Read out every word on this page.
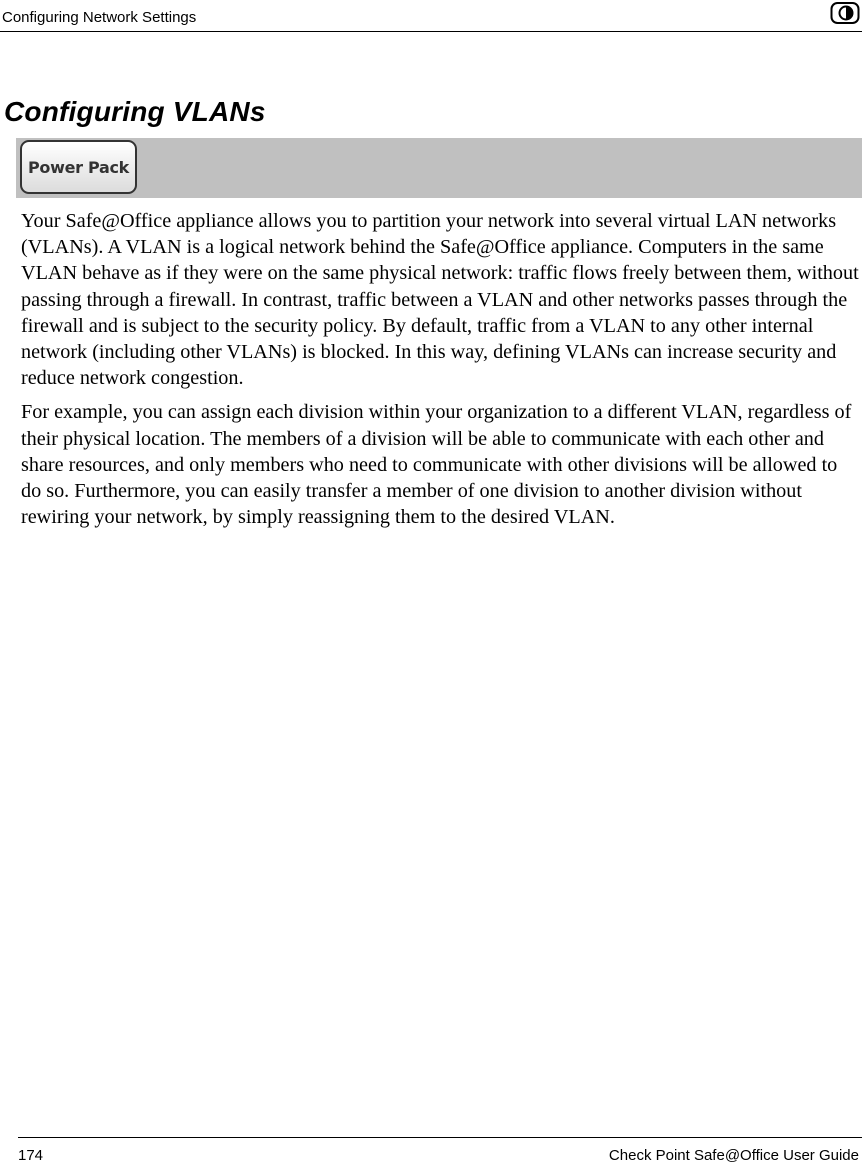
Configuring Network Settings
Configuring VLANs
Power Pack

Your Safe@Office appliance allows you to partition your network into several virtual LAN networks (VLANs). A VLAN is a logical network behind the Safe@Office appliance. Computers in the same VLAN behave as if they were on the same physical network: traffic flows freely between them, without passing through a firewall. In contrast, traffic between a VLAN and other networks passes through the firewall and is subject to the security policy. By default, traffic from a VLAN to any other internal network (including other VLANs) is blocked. In this way, defining VLANs can increase security and reduce network congestion.

For example, you can assign each division within your organization to a different VLAN, regardless of their physical location. The members of a division will be able to communicate with each other and share resources, and only members who need to communicate with other divisions will be allowed to do so. Furthermore, you can easily transfer a member of one division to another division without rewiring your network, by simply reassigning them to the desired VLAN.

174	Check Point Safe@Office User Guide
